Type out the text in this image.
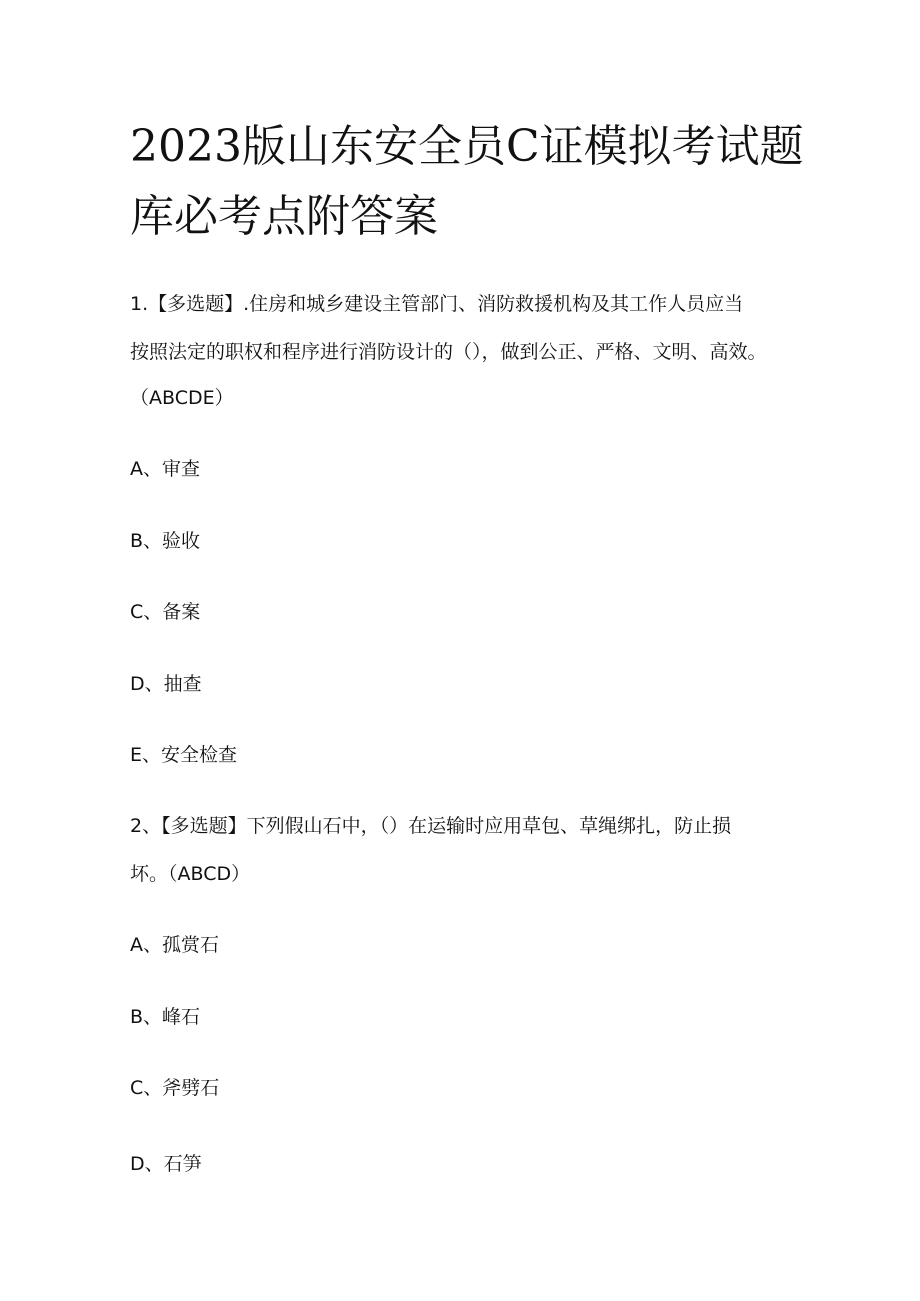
2023版山东安全员C证模拟考试题
库必考点附答案

1.【多选题】.住房和城乡建设主管部门、消防救援机构及其工作人员应当

按照法定的职权和程序进行消防设计的（），做到公正、严格、文明、高效。

（ABCDE）

A、审查

B、验收

C、备案

D、抽查

E、安全检查

2、【多选题】下列假山石中，（）在运输时应用草包、草绳绑扎，防止损

坏。（ABCD）

A、孤赏石

B、峰石

C、斧劈石

D、石笋
